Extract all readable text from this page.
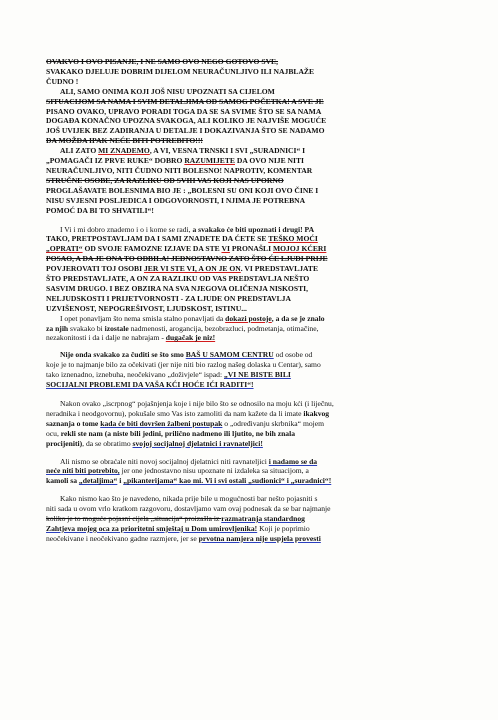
OVAKVO I OVO PISANJE, I NE SAMO OVO NEGO GOTOVO SVE,
SVAKAKO DJELUJE DOBRIM DIJELOM NEURAČUNLJIVO ILI NAJBLAŽE
ČUDNO !

ALI, SAMO ONIMA KOJI JOŠ NISU UPOZNATI SA CIJELOM
SITUACIJOM SA NAMA I SVIM DETALJIMA OD SAMOG POČETKA! A SVE JE
PISANO OVAKO, UPRAVO PORADI TOGA DA SE SA SVIME ŠTO SE SA NAMA
DOGAĐA KONAČNO UPOZNA SVAKOGA, ALI KOLIKO JE NAJVIŠE MOGUĆE
JOŠ UVIJEK BEZ ZADIRANJA U DETALJE I DOKAZIVANJA ŠTO SE NADAMO
DA MOŽDA IPAK NEĆE BITI POTREBITO!!!

ALI ZATO MI ZNADEMO, A VI, VESNA TRNSKI I SVI „SURADNICI“ I
„POMAGAČI IZ PRVE RUKE“ DOBRO RAZUMIJETE DA OVO NIJE NITI
NEURAČUNLJIVO, NITI ČUDNO NITI BOLESNO! NAPROTIV, KOMENTAR
STRUČNE OSOBE, ZA RAZLIKU OD SVIH VAS KOJI NAS UPORNO
PROGLAŠAVATE BOLESNIMA BIO JE : „BOLESNI SU ONI KOJI OVO ČINE I
NISU SVJESNI POSLJEDICA I ODGOVORNOSTI, I NJIMA JE POTREBNA
POMOĆ DA BI TO SHVATILI“!

I Vi i mi dobro znademo i o i kome se radi, a svakako će biti upoznati i drugi! PA
TAKO, PRETPOSTAVLJAM DA I SAMI ZNADETE DA ĆETE SE TEŠKO MOĆI
„OPRATI“ OD SVOJE FAMOZNE IZJAVE DA STE VI PRONAŠLI MOJOJ KĆERI
POSAO, A DA JE ONA TO ODBILA! JEDNOSTAVNO ZATO ŠTO ĆE LJUDI PRIJE
POVJEROVATI TOJ OSOBI JER VI STE VI, A ON JE ON. VI PREDSTAVLJATE
ŠTO PREDSTAVLJATE, A ON ZA RAZLIKU OD VAS PREDSTAVLJA NEŠTO
SASVIM DRUGO. I BEZ OBZIRA NA SVA NJEGOVA OLIČENJA NISKOSTI,
NELJUDSKOSTI I PRIJETVORNOSTI - ZA LJUDE ON PREDSTAVLJA
UZVIŠENOST, NEPOGREŠIVOST, LJUDSKOST, ISTINU...

I opet ponavljam što nema smisla stalno ponavljati da dokazi postoje, a da se je znalo
za njih svakako bi izostale nadmenosti, arogancija, bezobrazluci, podmetanja, otimačine,
nezakonitosti i da i dalje ne nabrajam - dugačak je niz!

Nije onda svakako za čuditi se što smo BAŠ U SAMOM CENTRU od osobe od
koje je to najmanje bilo za očekivati (jer nije niti bio razlog našeg dolaska u Centar), samo
tako iznenadno, iznebuha, neočekivano „doživjele“ ispad: „VI NE BISTE BILI
SOCIJALNI PROBLEMI DA VAŠA KĆI HOĆE IĆI RADITI“!

Nakon ovako „iscrpnog“ pojašnjenja koje i nije bilo što se odnosilo na moju kći (i liječnu,
neradnika i neodgovornu), pokušale smo Vas isto zamoliti da nam kažete da li imate ikakvog
saznanja o tome kada će biti dovršen žalbeni postupak o „određivanju skrbnika“ mojem
ocu, rekli ste nam (a niste bili jedini, prilično nadmeno ili ljutito, ne bih znala
procijeniti), da se obratimo svojoj socijalnoj djelatnici i ravnateljici!

Ali nismo se obraćale niti novoj socijalnoj djelatnici niti ravnateljici i nadamo se da
neće niti biti potrebito, jer one jednostavno nisu upoznate ni izdaleka sa situacijom, a
kamoli sa „detaljima“ i „pikanterijama“ kao mi. Vi i svi ostali „sudionici“ i „suradnici“!

Kako nismo kao što je navedeno, nikada prije bile u mogućnosti bar nešto pojasniti s
niti sada u ovom vrlo kratkom razgovoru, dostavljamo vam ovaj podnesak da se bar najmanje
koliko je to moguće pojasni cijela „situacija“ proizašla iz razmatranja standardnog
Zahtjeva mojeg oca za prioritetni smještaj u Dom umirovljenika! Koji je poprimio
neočekivane i neočekivano gadne razmjere, jer se prvotna namjera nije uspjela provesti
